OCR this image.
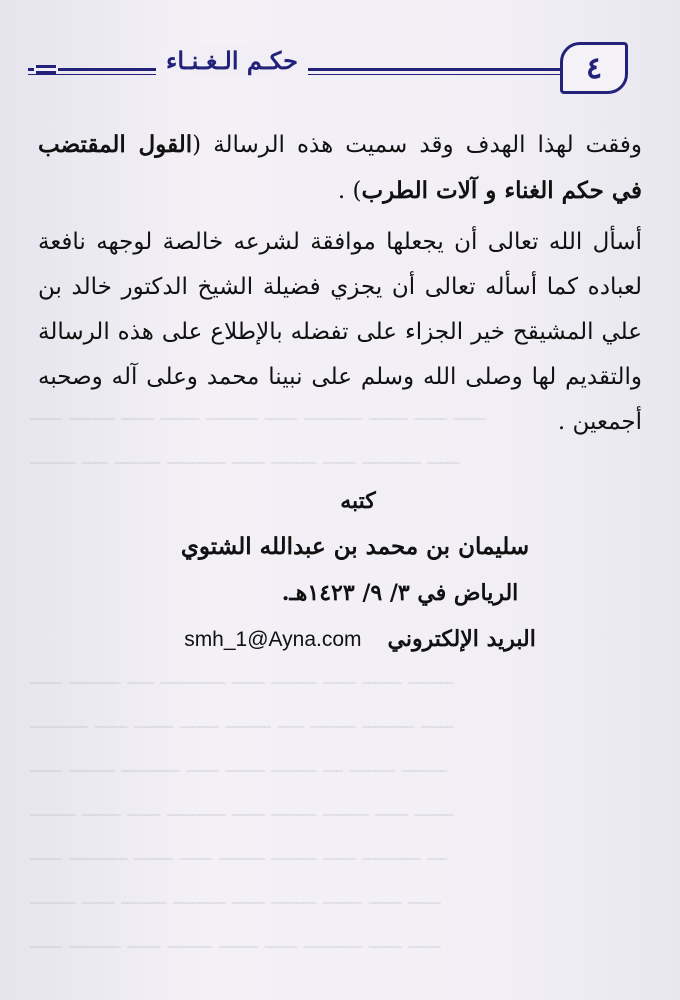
ـــــ ـــــــ ـــــ ــــــ ــــــــ ـــــ ـــــــــ ــــــ ـــــ ـــــ
ـــــــ ــــ ـــــــ ـــــــــ ـــــ ـــــــ ـــــ ـــــــــ ـــــ
ـــــ ــــــــ ــــ ــــــــــ ـــــ ـــــــ ـــــ ــــــ ـــــــ
ـــــــــ ـــــ ــــــ ــــــ ـــــــ ــــ ـــــــ ــــــــ ـــــ
ـــــ ـــــــ ـــــــــ ـــــ ــــــ ـــــــ ـــ ـــــــ ـــــــ
ـــــــ ــــــ ـــــ ـــــــــ ـــــ ـــــــ ـــــــ ـــــ ــــــ
ـــــ ـــــــــ ــــــ ـــــ ـــــــ ـــــــ ـــــ ـــــــــ ـــ
ـــــــ ـــــ ـــــــ ــــــــ ـــــ ـــــــ ــــــ ـــــ ـــــ
ـــــ ــــــــ ـــــ ـــــــ ــــــ ـــــ ـــــــــ ـــــ ـــــ
حكـم الـغـنـاء	٤

وفقت لهذا الهدف وقد سميت هذه الرسالة (القول المقتضب في حكم الغناء و آلات الطرب) .

أسأل الله تعالى أن يجعلها موافقة لشرعه خالصة لوجهه نافعة لعباده كما أسأله تعالى أن يجزي فضيلة الشيخ الدكتور خالد بن علي المشيقح خير الجزاء على تفضله بالإطلاع على هذه الرسالة والتقديم لها وصلى الله وسلم على نبينا محمد وعلى آله وصحبه أجمعين .

كتبه
سليمان بن محمد بن عبدالله الشتوي
الرياض في ٣/ ٩/ ١٤٢٣هـ.
البريد الإلكتروني
smh_1@Ayna.com
